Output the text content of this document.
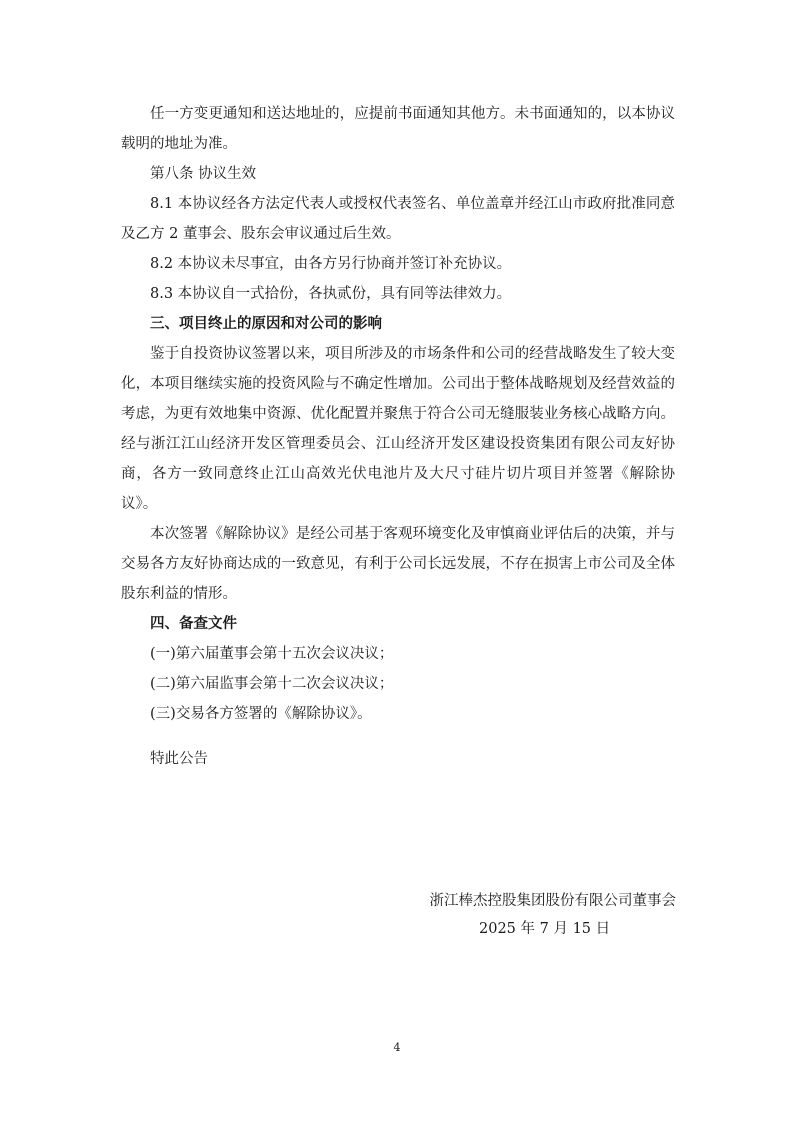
任一方变更通知和送达地址的，应提前书面通知其他方。未书面通知的，以本协议载明的地址为准。

第八条 协议生效

8.1 本协议经各方法定代表人或授权代表签名、单位盖章并经江山市政府批准同意及乙方 2 董事会、股东会审议通过后生效。

8.2 本协议未尽事宜，由各方另行协商并签订补充协议。

8.3 本协议自一式拾份，各执贰份，具有同等法律效力。

三、项目终止的原因和对公司的影响

鉴于自投资协议签署以来，项目所涉及的市场条件和公司的经营战略发生了较大变化，本项目继续实施的投资风险与不确定性增加。公司出于整体战略规划及经营效益的考虑，为更有效地集中资源、优化配置并聚焦于符合公司无缝服装业务核心战略方向。经与浙江江山经济开发区管理委员会、江山经济开发区建设投资集团有限公司友好协商，各方一致同意终止江山高效光伏电池片及大尺寸硅片切片项目并签署《解除协议》。

本次签署《解除协议》是经公司基于客观环境变化及审慎商业评估后的决策，并与交易各方友好协商达成的一致意见，有利于公司长远发展，不存在损害上市公司及全体股东利益的情形。

四、备查文件

(一)第六届董事会第十五次会议决议；

(二)第六届监事会第十二次会议决议；

(三)交易各方签署的《解除协议》。

特此公告

浙江棒杰控股集团股份有限公司董事会
2025 年 7 月 15 日
4
